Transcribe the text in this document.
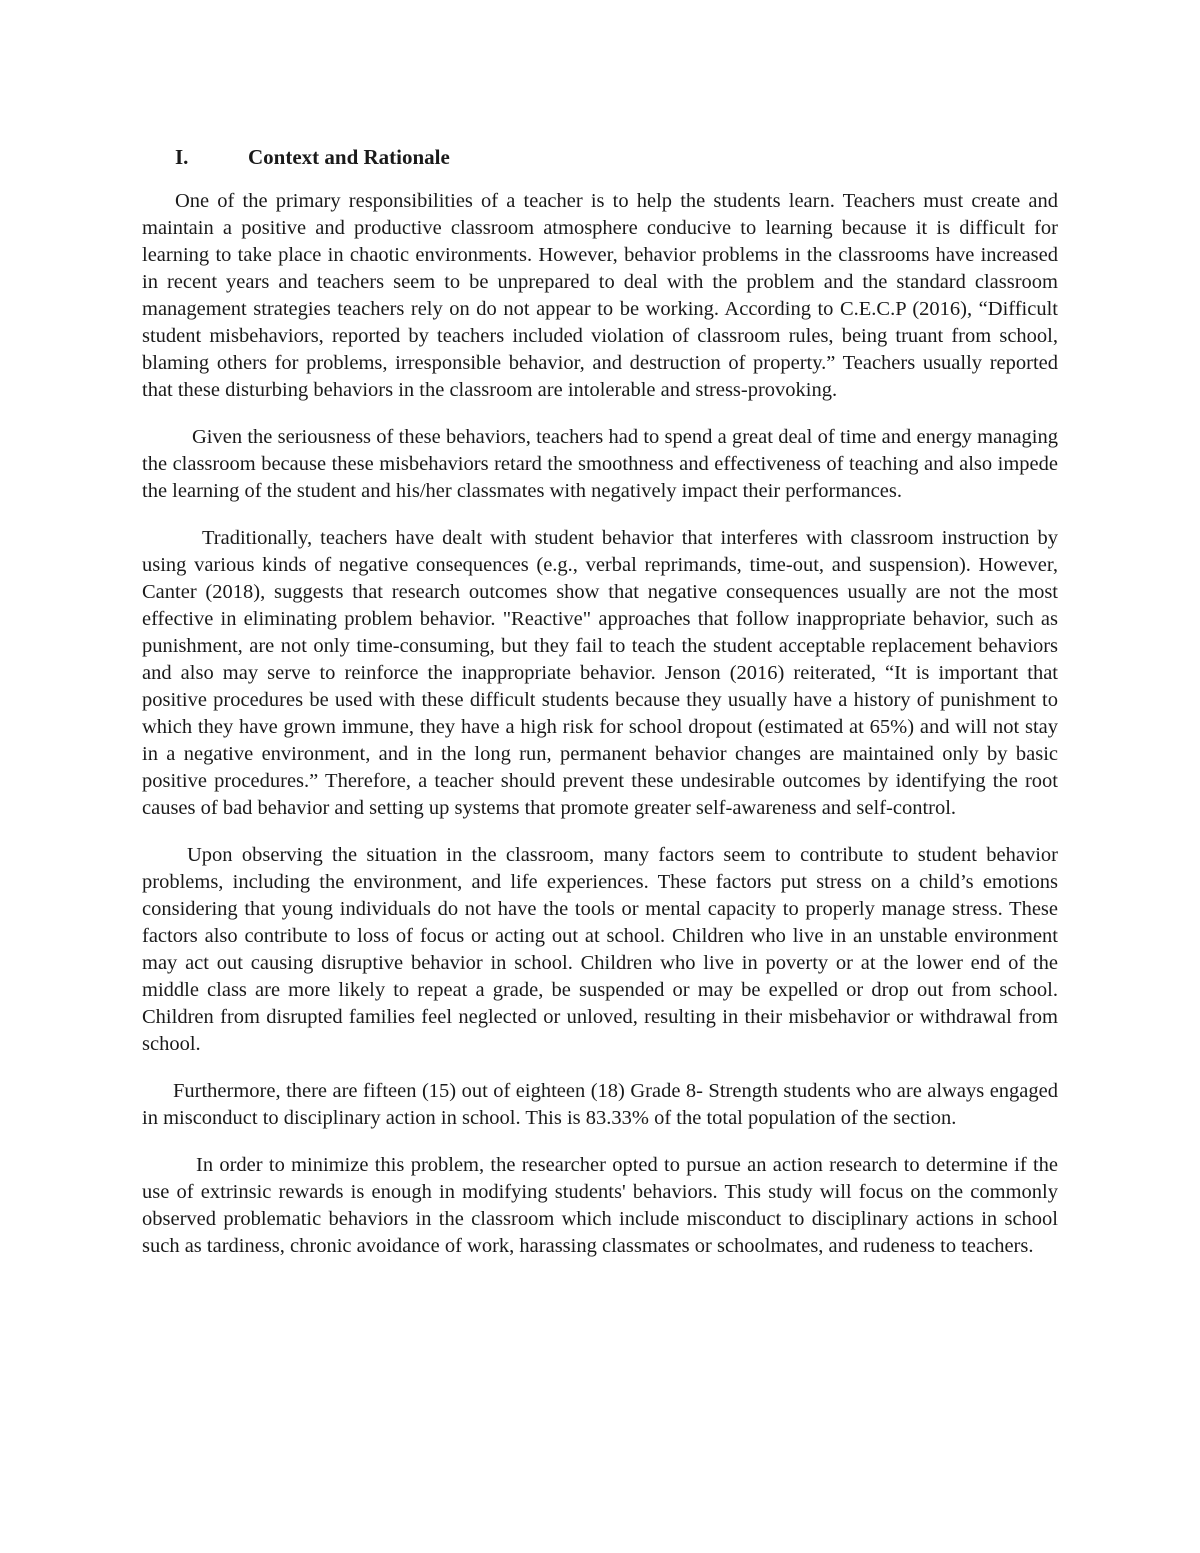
I.	Context and Rationale

One of the primary responsibilities of a teacher is to help the students learn. Teachers must create and maintain a positive and productive classroom atmosphere conducive to learning because it is difficult for learning to take place in chaotic environments. However, behavior problems in the classrooms have increased in recent years and teachers seem to be unprepared to deal with the problem and the standard classroom management strategies teachers rely on do not appear to be working. According to C.E.C.P (2016), “Difficult student misbehaviors, reported by teachers included violation of classroom rules, being truant from school, blaming others for problems, irresponsible behavior, and destruction of property.” Teachers usually reported that these disturbing behaviors in the classroom are intolerable and stress-provoking.

Given the seriousness of these behaviors, teachers had to spend a great deal of time and energy managing the classroom because these misbehaviors retard the smoothness and effectiveness of teaching and also impede the learning of the student and his/her classmates with negatively impact their performances.

Traditionally, teachers have dealt with student behavior that interferes with classroom instruction by using various kinds of negative consequences (e.g., verbal reprimands, time-out, and suspension). However, Canter (2018), suggests that research outcomes show that negative consequences usually are not the most effective in eliminating problem behavior. "Reactive" approaches that follow inappropriate behavior, such as punishment, are not only time-consuming, but they fail to teach the student acceptable replacement behaviors and also may serve to reinforce the inappropriate behavior. Jenson (2016) reiterated, “It is important that positive procedures be used with these difficult students because they usually have a history of punishment to which they have grown immune, they have a high risk for school dropout (estimated at 65%) and will not stay in a negative environment, and in the long run, permanent behavior changes are maintained only by basic positive procedures.” Therefore, a teacher should prevent these undesirable outcomes by identifying the root causes of bad behavior and setting up systems that promote greater self-awareness and self-control.

Upon observing the situation in the classroom, many factors seem to contribute to student behavior problems, including the environment, and life experiences. These factors put stress on a child’s emotions considering that young individuals do not have the tools or mental capacity to properly manage stress. These factors also contribute to loss of focus or acting out at school. Children who live in an unstable environment may act out causing disruptive behavior in school. Children who live in poverty or at the lower end of the middle class are more likely to repeat a grade, be suspended or may be expelled or drop out from school. Children from disrupted families feel neglected or unloved, resulting in their misbehavior or withdrawal from school.

Furthermore, there are fifteen (15) out of eighteen (18) Grade 8- Strength students who are always engaged in misconduct to disciplinary action in school. This is 83.33% of the total population of the section.

In order to minimize this problem, the researcher opted to pursue an action research to determine if the use of extrinsic rewards is enough in modifying students' behaviors. This study will focus on the commonly observed problematic behaviors in the classroom which include misconduct to disciplinary actions in school such as tardiness, chronic avoidance of work, harassing classmates or schoolmates, and rudeness to teachers.
